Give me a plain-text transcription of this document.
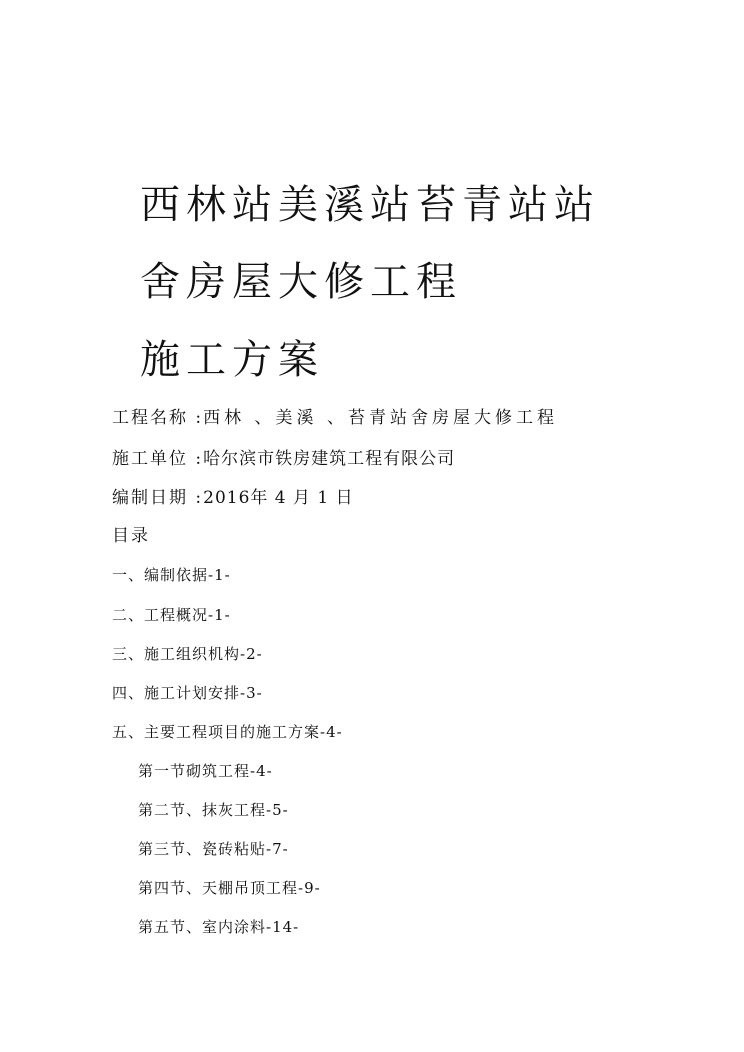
西林站美溪站苔青站站
舍房屋大修工程
施工方案
工程名称 :西林 、美溪 、苔青站舍房屋大修工程
施工单位 :哈尔滨市铁房建筑工程有限公司
编制日期 :2016年 4 月 1 日
目录
一、编制依据-1-
二、工程概况-1-
三、施工组织机构-2-
四、施工计划安排-3-
五、主要工程项目的施工方案-4-
第一节砌筑工程-4-
第二节、抹灰工程-5-
第三节、瓷砖粘贴-7-
第四节、天棚吊顶工程-9-
第五节、室内涂料-14-
